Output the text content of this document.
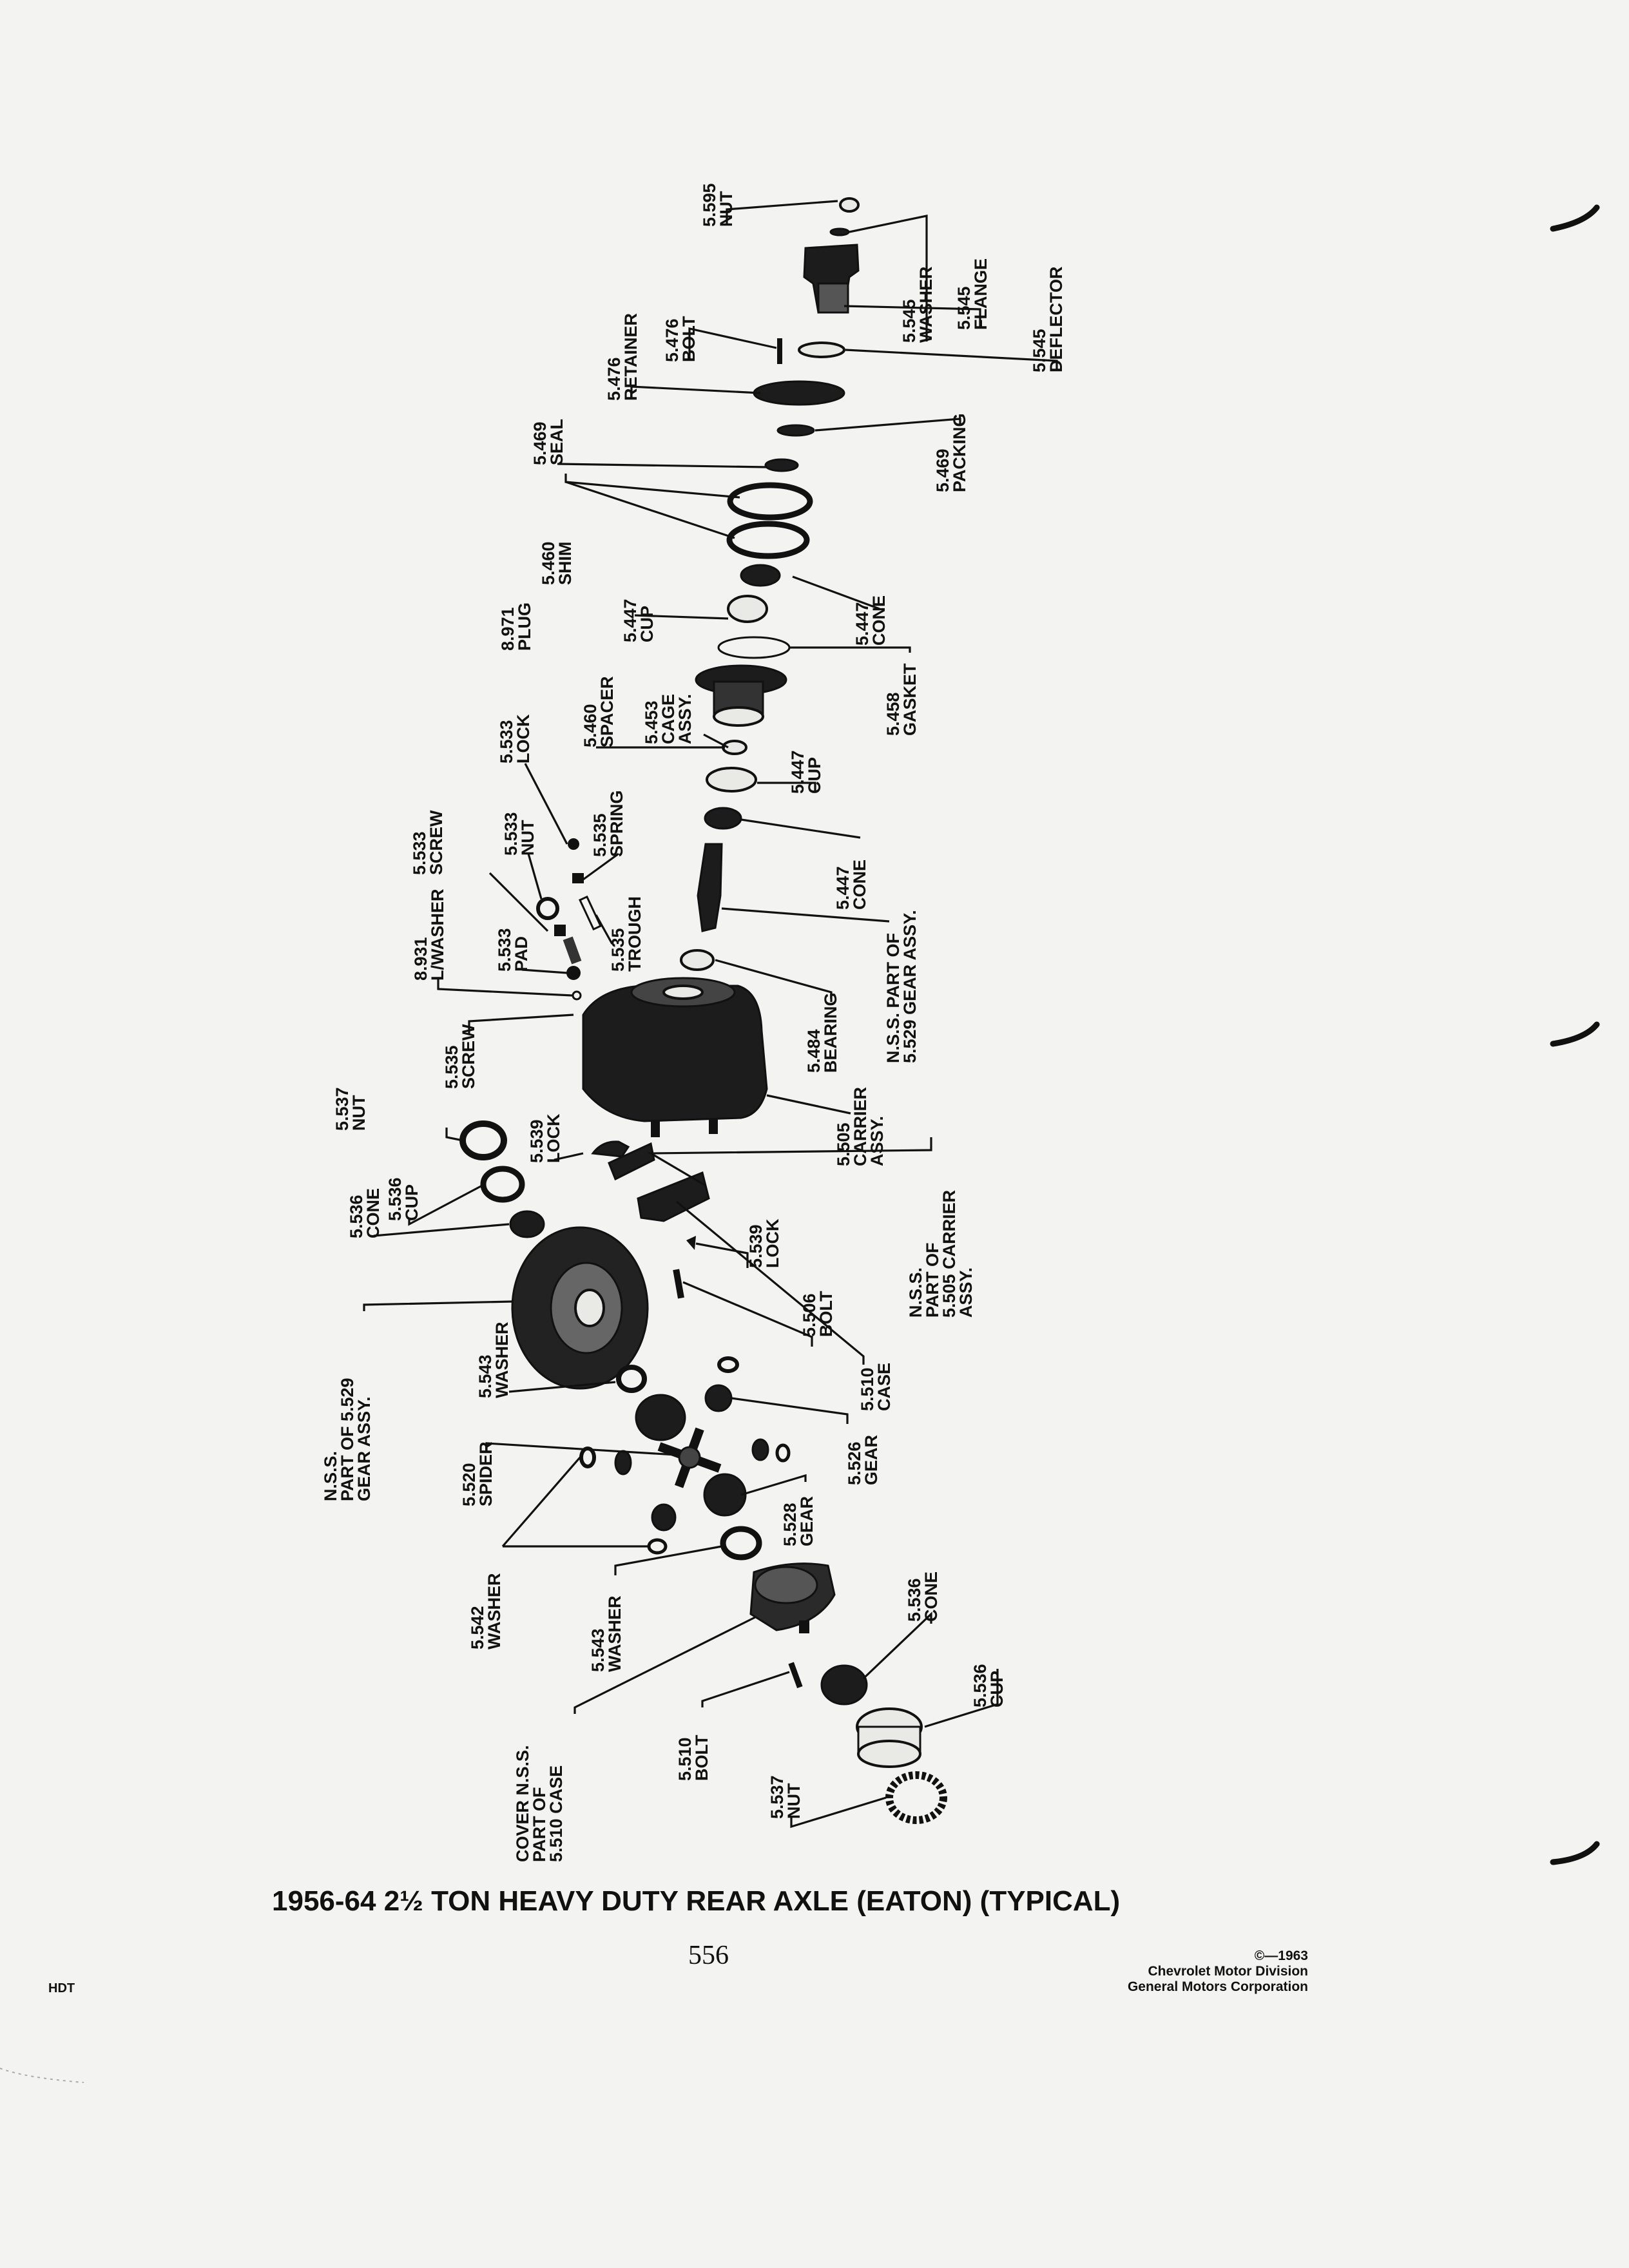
5.595
NUT
5.545
WASHER 5.545
FLANGE
5.545
DEFLECTOR
5.476
BOLT
5.476
RETAINER
5.469
SEAL
5.469
PACKING
5.460
SHIM
5.447
CONE
5.447
CUP
8.971
PLUG
5.458
GASKET
5.453
CAGE
ASSY.
5.460
SPACER
5.533
LOCK
5.447
CUP
5.535
SPRING
5.533
NUT
5.533
SCREW
5.447
CONE
N.S.S. PART OF
5.529 GEAR ASSY.
5.535
TROUGH
5.533
PAD
8.931
L/WASHER
5.484
BEARING
5.535
SCREW
5.505
CARRIER
ASSY.
5.539
LOCK
5.537
NUT
5.536
CUP
5.536
CONE
N.S.S.
PART OF
5.505 CARRIER
ASSY.
5.539
LOCK
5.506
BOLT
5.510
CASE
N.S.S.
PART OF 5.529
GEAR ASSY.
5.543
WASHER
5.526
GEAR
5.520
SPIDER
5.528
GEAR
5.542
WASHER
5.543
WASHER	5.536
CONE
5.536
CUP
5.510
BOLT
5.537
NUT
COVER N.S.S.
PART OF
5.510 CASE
1956-64 2½ TON HEAVY DUTY REAR AXLE (EATON) (TYPICAL)
556
HDT
©—1963
Chevrolet Motor Division
General Motors Corporation
